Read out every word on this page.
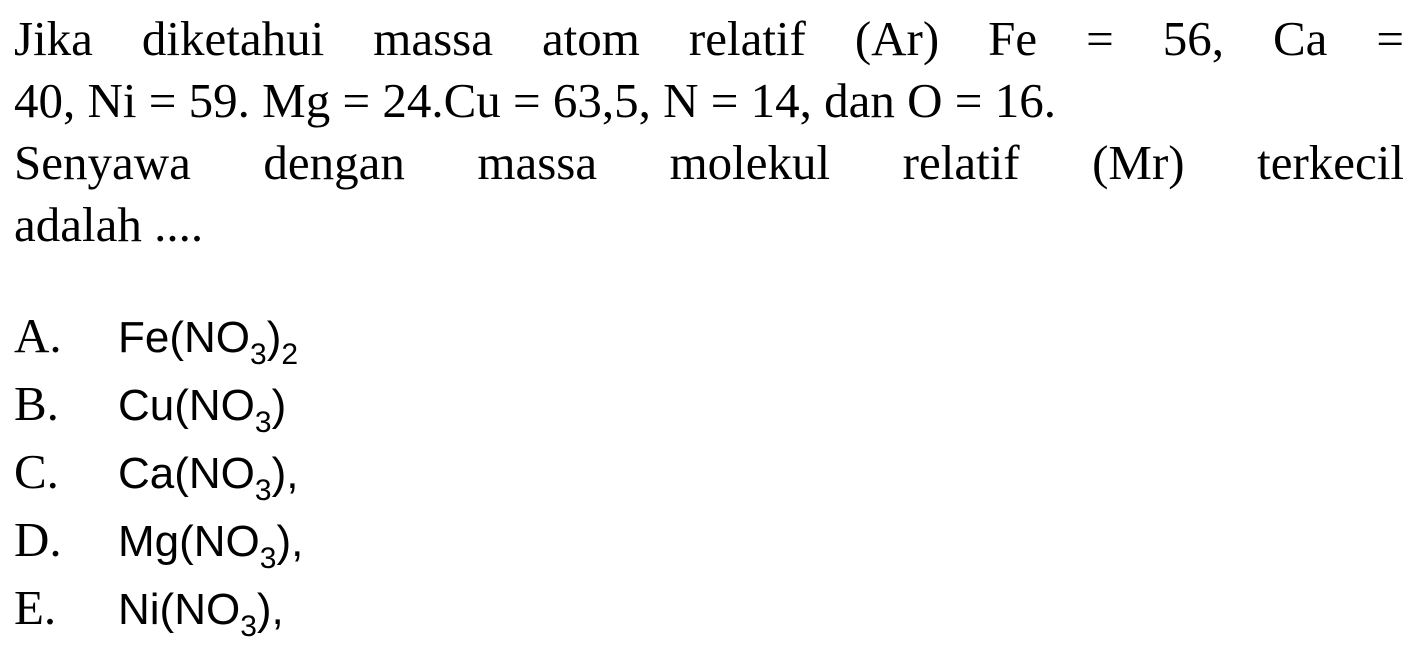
Jika diketahui massa atom relatif (Ar) Fe = 56, Ca =
40, Ni = 59. Mg = 24.Cu = 63,5, N = 14, dan O = 16.
Senyawa dengan massa molekul relatif (Mr) terkecil
adalah ....
A. $Fe(NO_3)_2$
B. $Cu(NO_3)$
C. $Ca(NO_3)$,
D. $Mg(NO_3)$,
E. $Ni(NO_3)$,
